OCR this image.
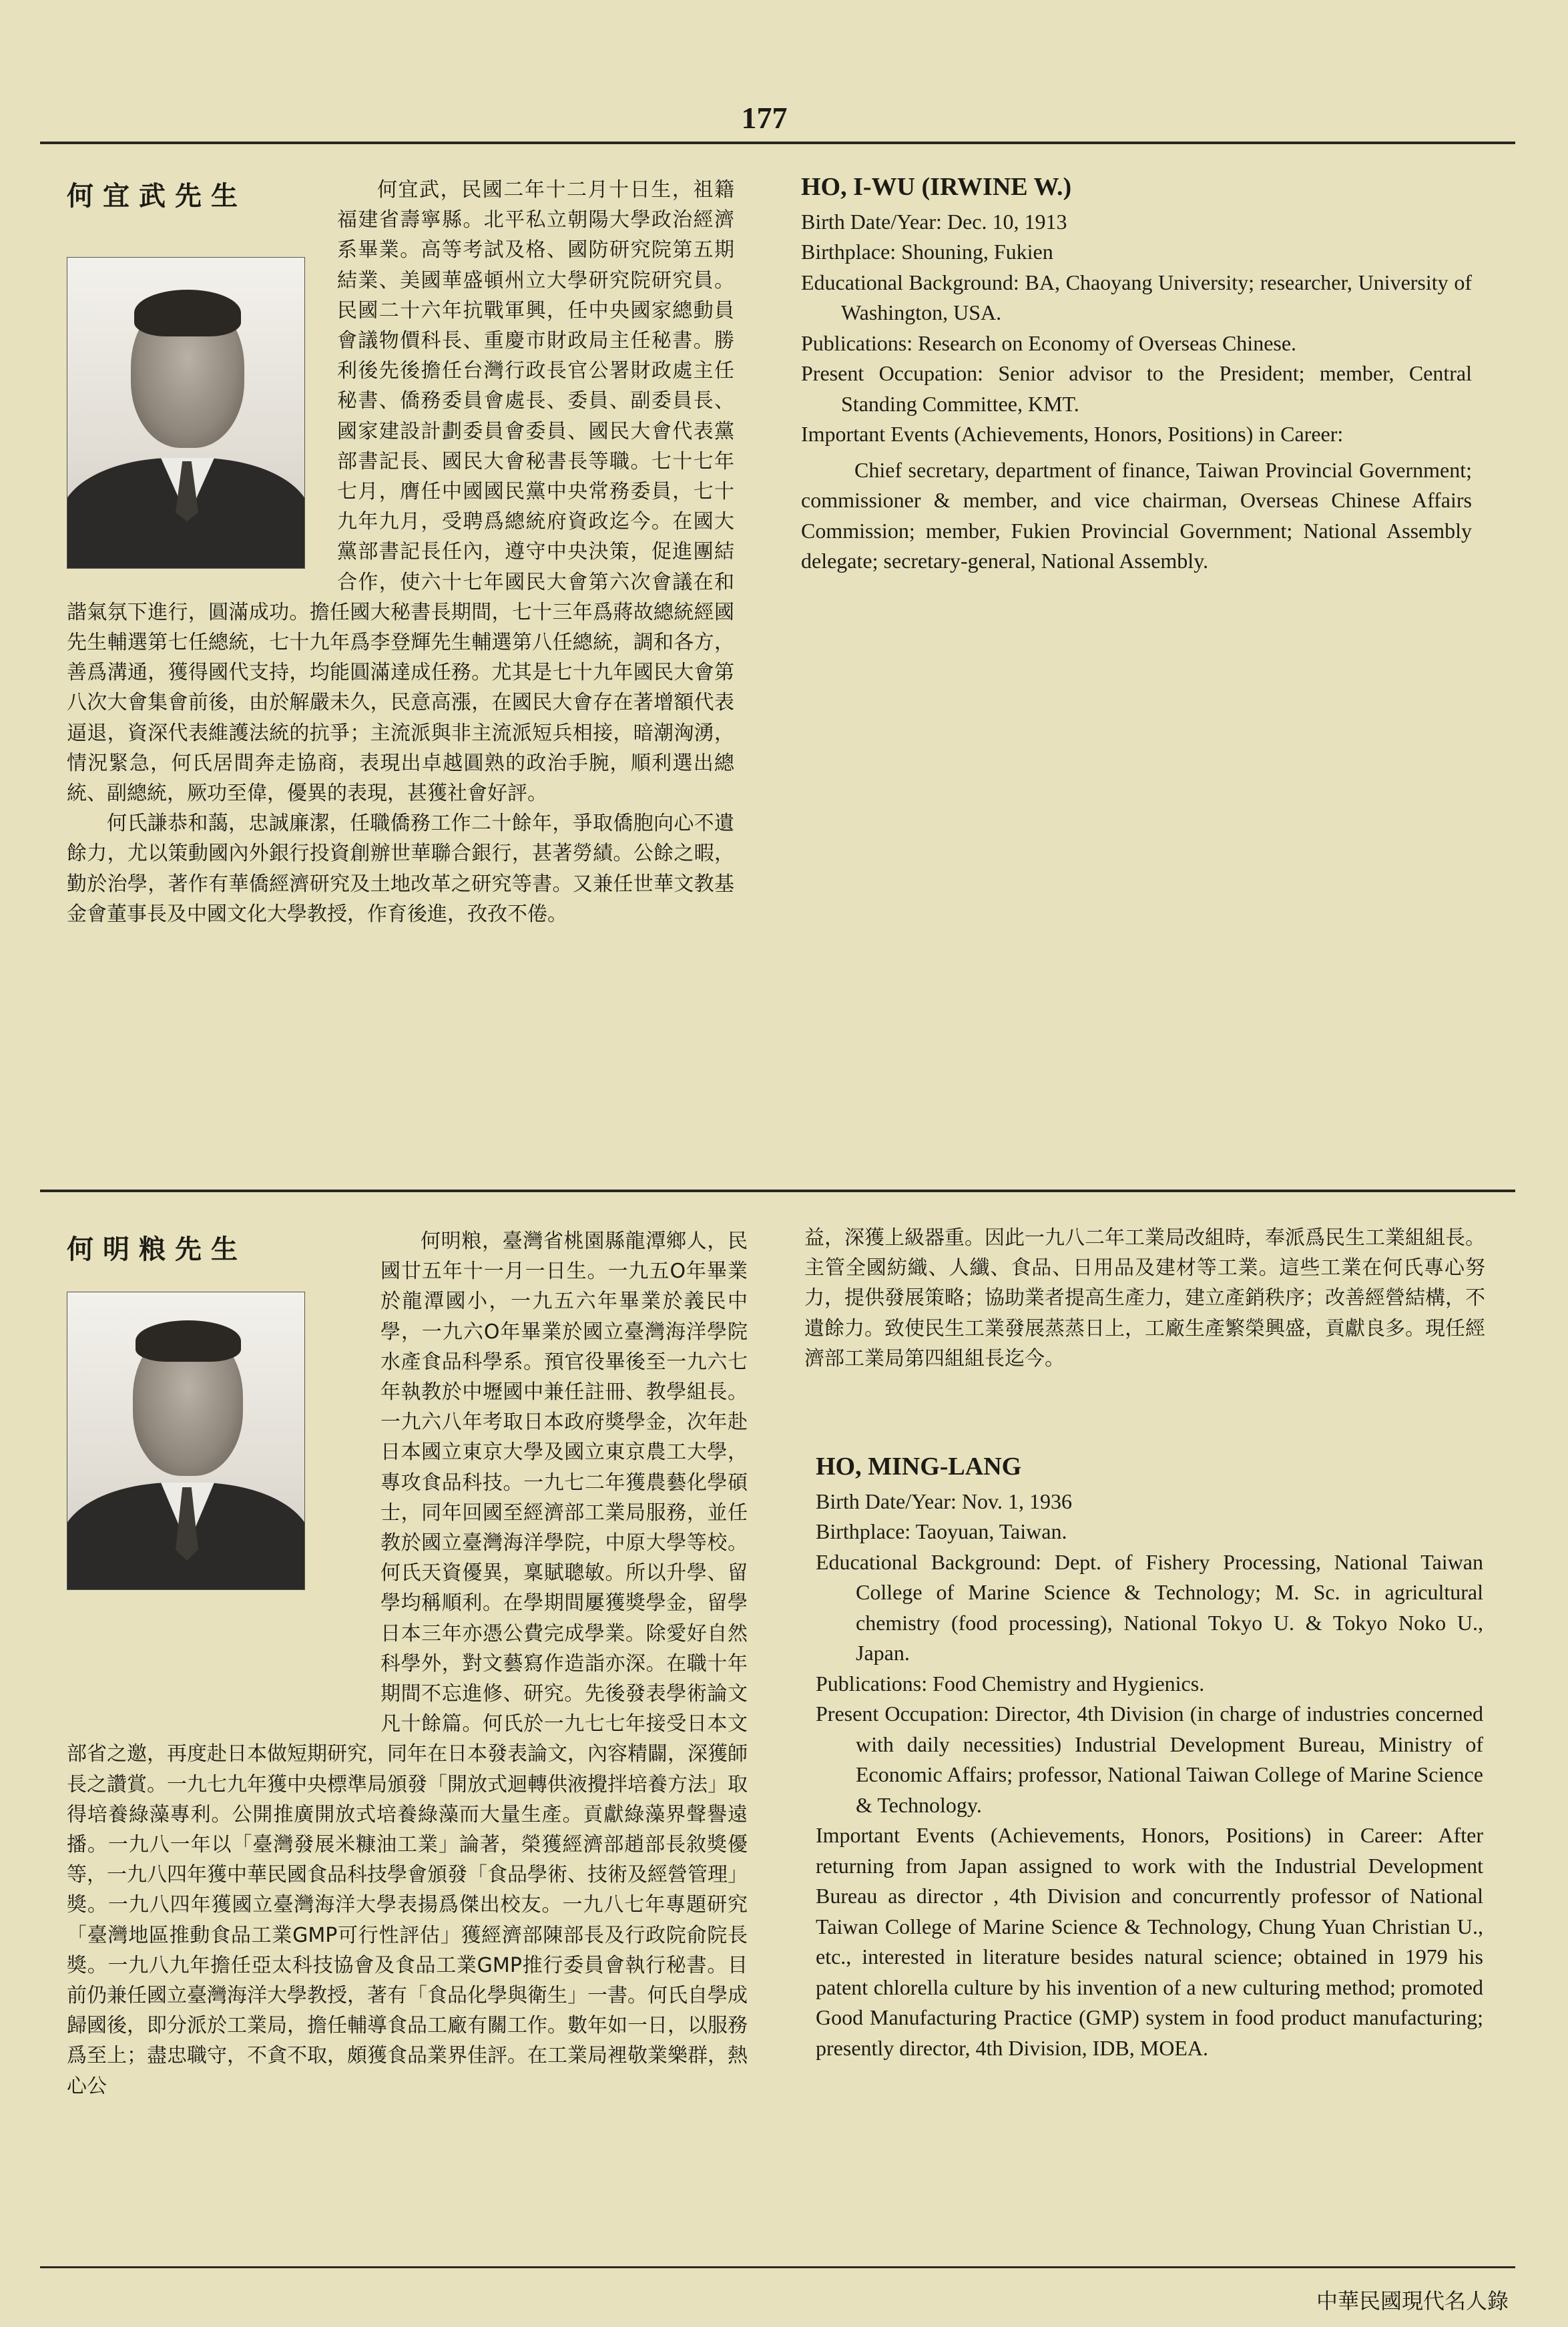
177
何宜武先生	何宜武，民國二年十二月十日生，祖籍福建省壽寧縣。北平私立朝陽大學政治經濟系畢業。高等考試及格、國防研究院第五期結業、美國華盛頓州立大學研究院研究員。民國二十六年抗戰軍興，任中央國家總動員會議物價科長、重慶市財政局主任秘書。勝利後先後擔任台灣行政長官公署財政處主任秘書、僑務委員會處長、委員、副委員長、國家建設計劃委員會委員、國民大會代表黨部書記長、國民大會秘書長等職。七十七年七月，膺任中國國民黨中央常務委員，七十九年九月，受聘爲總統府資政迄今。在國大黨部書記長任內，遵守中央決策，促進團結合作，使六十七年國民大會第六次會議在和諧氣氛下進行，圓滿成功。擔任國大秘書長期間，七十三年爲蔣故總統經國先生輔選第七任總統，七十九年爲李登輝先生輔選第八任總統，調和各方，善爲溝通，獲得國代支持，均能圓滿達成任務。尤其是七十九年國民大會第八次大會集會前後，由於解嚴未久，民意高漲，在國民大會存在著增額代表逼退，資深代表維護法統的抗爭；主流派與非主流派短兵相接，暗潮洶湧，情況緊急，何氏居間奔走協商，表現出卓越圓熟的政治手腕，順利選出總統、副總統，厥功至偉，優異的表現，甚獲社會好評。
何氏謙恭和藹，忠誠廉潔，任職僑務工作二十餘年，爭取僑胞向心不遺餘力，尤以策動國內外銀行投資創辦世華聯合銀行，甚著勞績。公餘之暇，勤於治學，著作有華僑經濟研究及土地改革之研究等書。又兼任世華文教基金會董事長及中國文化大學教授，作育後進，孜孜不倦。
HO, I-WU (IRWINE W.)

Birth Date/Year: Dec. 10, 1913

Birthplace: Shouning, Fukien

Educational Background: BA, Chaoyang University; researcher, University of Washington, USA.

Publications: Research on Economy of Overseas Chinese.

Present Occupation: Senior advisor to the President; member, Central Standing Committee, KMT.

Important Events (Achievements, Honors, Positions) in Career:

Chief secretary, department of finance, Taiwan Provincial Government; commissioner & member, and vice chairman, Overseas Chinese Affairs Commission; member, Fukien Provincial Government; National Assembly delegate; secretary-general, National Assembly.

何明粮先生	何明粮，臺灣省桃園縣龍潭鄉人，民國廿五年十一月一日生。一九五O年畢業於龍潭國小，一九五六年畢業於義民中學，一九六O年畢業於國立臺灣海洋學院水產食品科學系。預官役畢後至一九六七年執教於中壢國中兼任註冊、教學組長。一九六八年考取日本政府獎學金，次年赴日本國立東京大學及國立東京農工大學，專攻食品科技。一九七二年獲農藝化學碩士，同年回國至經濟部工業局服務，並任教於國立臺灣海洋學院，中原大學等校。何氏天資優異，稟賦聰敏。所以升學、留學均稱順利。在學期間屢獲獎學金，留學日本三年亦憑公費完成學業。除愛好自然科學外，對文藝寫作造詣亦深。在職十年期間不忘進修、研究。先後發表學術論文凡十餘篇。何氏於一九七七年接受日本文部省之邀，再度赴日本做短期研究，同年在日本發表論文，內容精闢，深獲師長之讚賞。一九七九年獲中央標準局頒發「開放式迴轉供液攪拌培養方法」取得培養綠藻專利。公開推廣開放式培養綠藻而大量生產。貢獻綠藻界聲譽遠播。一九八一年以「臺灣發展米糠油工業」論著，榮獲經濟部趙部長敘獎優等，一九八四年獲中華民國食品科技學會頒發「食品學術、技術及經營管理」獎。一九八四年獲國立臺灣海洋大學表揚爲傑出校友。一九八七年專題研究「臺灣地區推動食品工業GMP可行性評估」獲經濟部陳部長及行政院俞院長獎。一九八九年擔任亞太科技協會及食品工業GMP推行委員會執行秘書。目前仍兼任國立臺灣海洋大學教授，著有「食品化學與衛生」一書。何氏自學成歸國後，即分派於工業局，擔任輔導食品工廠有關工作。數年如一日，以服務爲至上；盡忠職守，不貪不取，頗獲食品業界佳評。在工業局裡敬業樂群，熱心公
益，深獲上級器重。因此一九八二年工業局改組時，奉派爲民生工業組組長。主管全國紡織、人纖、食品、日用品及建材等工業。這些工業在何氏專心努力，提供發展策略；協助業者提高生產力，建立產銷秩序；改善經營結構，不遺餘力。致使民生工業發展蒸蒸日上，工廠生產繁榮興盛，貢獻良多。現任經濟部工業局第四組組長迄今。
HO, MING-LANG

Birth Date/Year: Nov. 1, 1936

Birthplace: Taoyuan, Taiwan.

Educational Background: Dept. of Fishery Processing, National Taiwan College of Marine Science & Technology; M. Sc. in agricultural chemistry (food processing), National Tokyo U. & Tokyo Noko U., Japan.

Publications: Food Chemistry and Hygienics.

Present Occupation: Director, 4th Division (in charge of industries concerned with daily necessities) Industrial Development Bureau, Ministry of Economic Affairs; professor, National Taiwan College of Marine Science & Technology.

Important Events (Achievements, Honors, Positions) in Career: After returning from Japan assigned to work with the Industrial Development Bureau as director , 4th Division and concurrently professor of National Taiwan College of Marine Science & Technology, Chung Yuan Christian U., etc., interested in literature besides natural science; obtained in 1979 his patent chlorella culture by his invention of a new culturing method; promoted Good Manufacturing Practice (GMP) system in food product manufacturing; presently director, 4th Division, IDB, MOEA.

中華民國現代名人錄
